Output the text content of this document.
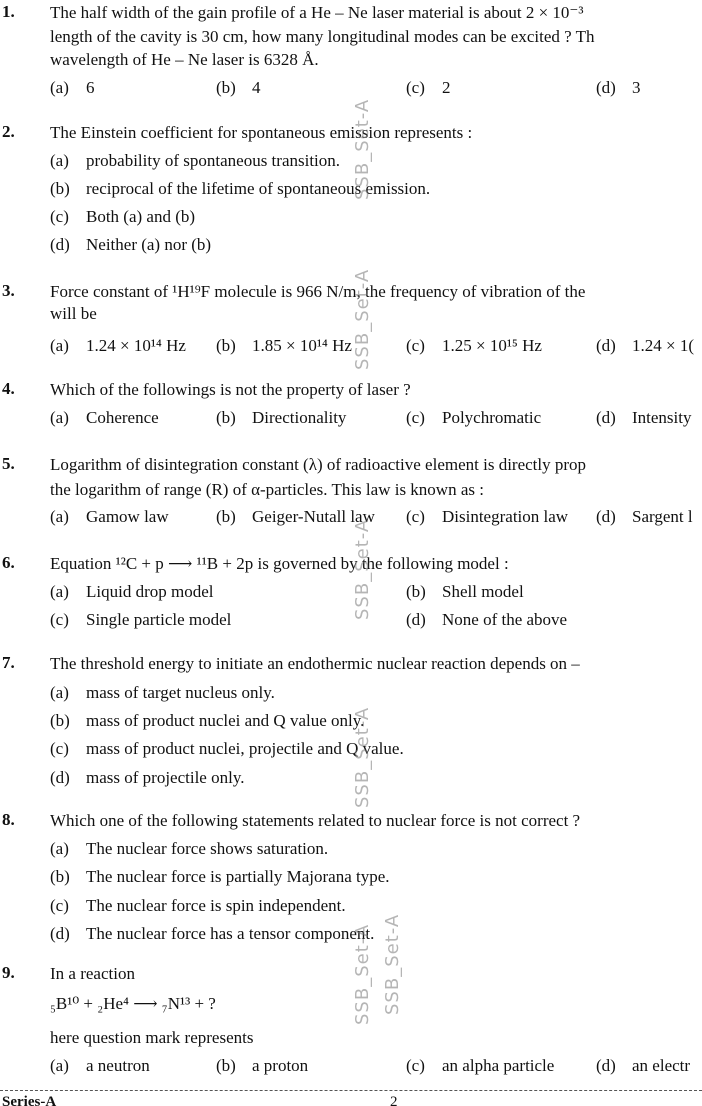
1. The half width of the gain profile of a He – Ne laser material is about 2 × 10⁻³
length of the cavity is 30 cm, how many longitudinal modes can be excited ? Th
wavelength of He – Ne laser is 6328 Å.
(a) 6	(b) 4	(c) 2	(d) 3
2. The Einstein coefficient for spontaneous emission represents :
(a) probability of spontaneous transition.
(b) reciprocal of the lifetime of spontaneous emission.
(c) Both (a) and (b)
(d) Neither (a) nor (b)
3. Force constant of ¹H¹⁹F molecule is 966 N/m, the frequency of vibration of the
will be
(a) 1.24 × 10¹⁴ Hz (b) 1.85 × 10¹⁴ Hz	(c) 1.25 × 10¹⁵ Hz	(d) 1.24 × 1(
4. Which of the followings is not the property of laser ?
(a) Coherence	(b) Directionality	(c) Polychromatic	(d) Intensity
5. Logarithm of disintegration constant (λ) of radioactive element is directly prop
the logarithm of range (R) of α-particles. This law is known as :
(a) Gamow law	(b) Geiger-Nutall law (c) Disintegration law (d) Sargent l
6. Equation ¹²C + p ⟶ ¹¹B + 2p is governed by the following model :
(a) Liquid drop model	(b) Shell model
(c) Single particle model	(d) None of the above
7. The threshold energy to initiate an endothermic nuclear reaction depends on –
(a) mass of target nucleus only.
(b) mass of product nuclei and Q value only.
(c) mass of product nuclei, projectile and Q value.
(d) mass of projectile only.
8. Which one of the following statements related to nuclear force is not correct ?
(a) The nuclear force shows saturation.
(b) The nuclear force is partially Majorana type.
(c) The nuclear force is spin independent.
(d) The nuclear force has a tensor component.
9. In a reaction
₅B¹⁰ + ₂He⁴ ⟶ ₇N¹³ + ?
here question mark represents
(a) a neutron	(b) a proton	(c) an alpha particle (d) an electr
SSB_Set-A
SSB_Set-A
SSB_Set-A
SSB_Set-A
SSB_Set-A SSB_Set-A
Series-A	2
